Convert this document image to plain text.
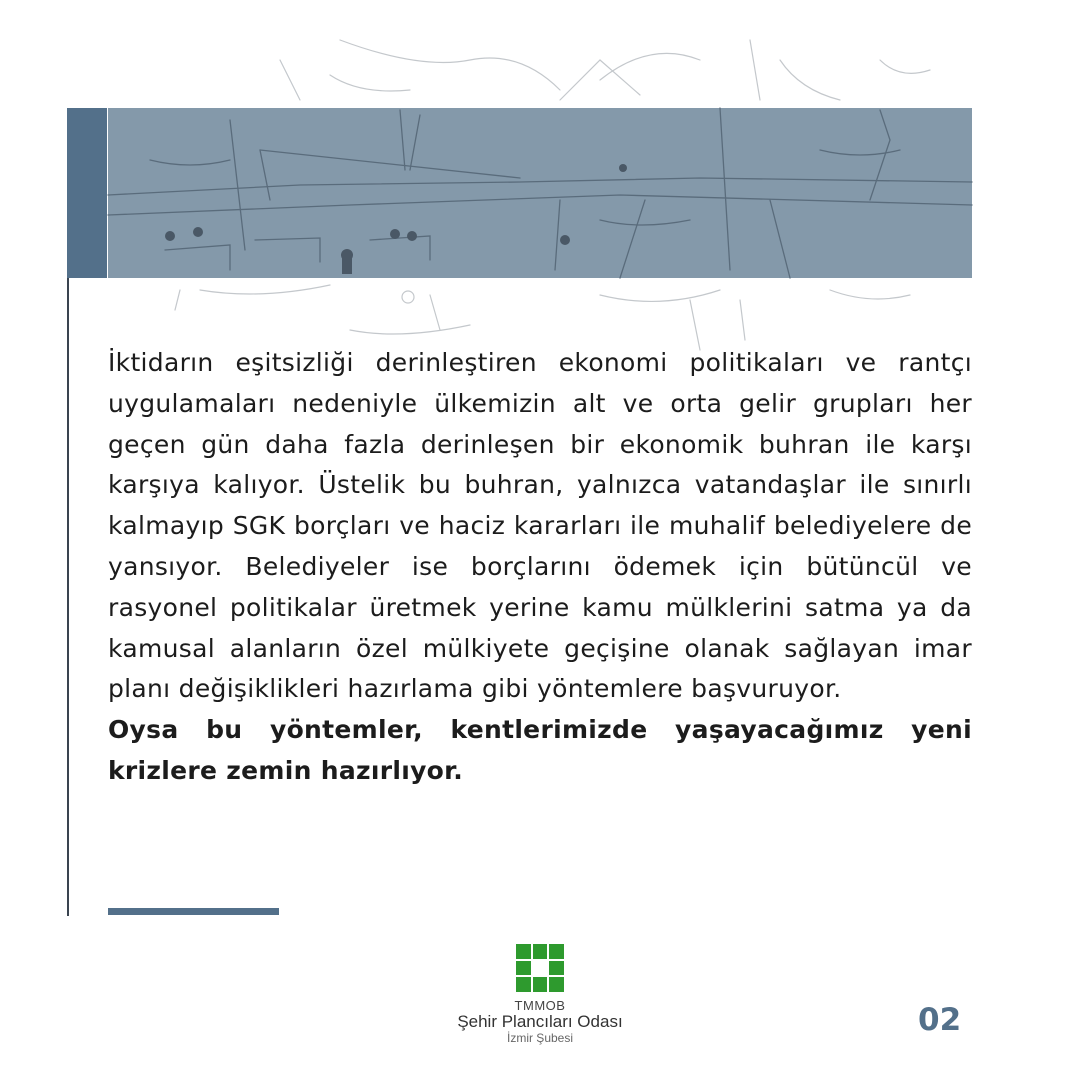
İktidarın eşitsizliği derinleştiren ekonomi politikaları ve rantçı uygulamaları nedeniyle ülkemizin alt ve orta gelir grupları her geçen gün daha fazla derinleşen bir ekonomik buhran ile karşı karşıya kalıyor. Üstelik bu buhran, yalnızca vatandaşlar ile sınırlı kalmayıp SGK borçları ve haciz kararları ile muhalif belediyelere de yansıyor. Belediyeler ise borçlarını ödemek için bütüncül ve rasyonel politikalar üretmek yerine kamu mülklerini satma ya da kamusal alanların özel mülkiyete geçişine olanak sağlayan imar planı değişiklikleri hazırlama gibi yöntemlere başvuruyor.

Oysa bu yöntemler, kentlerimizde yaşayacağımız yeni krizlere zemin hazırlıyor.

TMMOB
Şehir Plancıları Odası
İzmir Şubesi	02
